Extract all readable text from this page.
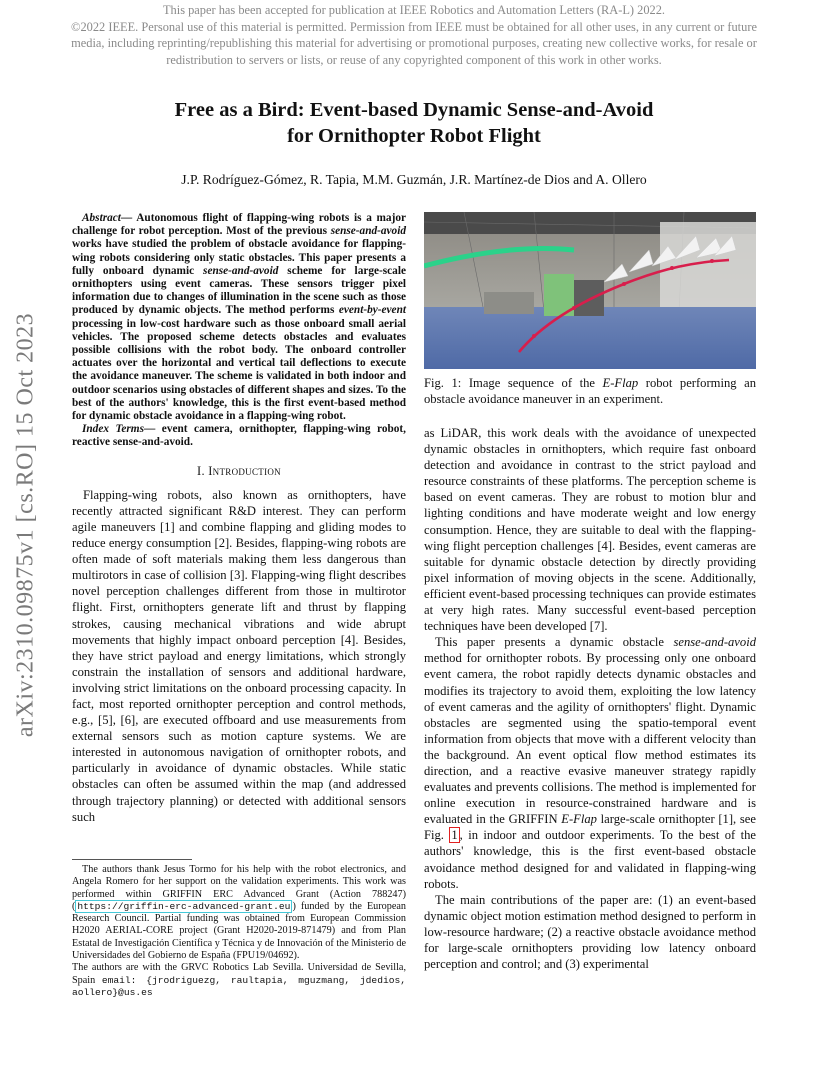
This paper has been accepted for publication at IEEE Robotics and Automation Letters (RA-L) 2022.
©2022 IEEE. Personal use of this material is permitted. Permission from IEEE must be obtained for all other uses, in any current or future
media, including reprinting/republishing this material for advertising or promotional purposes, creating new collective works, for resale or
redistribution to servers or lists, or reuse of any copyrighted component of this work in other works.
arXiv:2310.09875v1 [cs.RO] 15 Oct 2023
Free as a Bird: Event-based Dynamic Sense-and-Avoid
for Ornithopter Robot Flight
J.P. Rodríguez-Gómez, R. Tapia, M.M. Guzmán, J.R. Martínez-de Dios and A. Ollero

Abstract— Autonomous flight of flapping-wing robots is a major challenge for robot perception. Most of the previous sense-and-avoid works have studied the problem of obstacle avoidance for flapping-wing robots considering only static obstacles. This paper presents a fully onboard dynamic sense-and-avoid scheme for large-scale ornithopters using event cameras. These sensors trigger pixel information due to changes of illumination in the scene such as those produced by dynamic objects. The method performs event-by-event processing in low-cost hardware such as those onboard small aerial vehicles. The proposed scheme detects obstacles and evaluates possible collisions with the robot body. The onboard controller actuates over the horizontal and vertical tail deflections to execute the avoidance maneuver. The scheme is validated in both indoor and outdoor scenarios using obstacles of different shapes and sizes. To the best of the authors' knowledge, this is the first event-based method for dynamic obstacle avoidance in a flapping-wing robot.

Index Terms— event camera, ornithopter, flapping-wing robot, reactive sense-and-avoid.

I. Introduction

Flapping-wing robots, also known as ornithopters, have recently attracted significant R&D interest. They can perform agile maneuvers [1] and combine flapping and gliding modes to reduce energy consumption [2]. Besides, flapping-wing robots are often made of soft materials making them less dangerous than multirotors in case of collision [3]. Flapping-wing flight describes novel perception challenges different from those in multirotor flight. First, ornithopters generate lift and thrust by flapping strokes, causing mechanical vibrations and wide abrupt movements that highly impact onboard perception [4]. Besides, they have strict payload and energy limitations, which strongly constrain the installation of sensors and additional hardware, involving strict limitations on the onboard processing capacity. In fact, most reported ornithopter perception and control methods, e.g., [5], [6], are executed offboard and use measurements from external sensors such as motion capture systems. We are interested in autonomous navigation of ornithopter robots, and particularly in avoidance of dynamic obstacles. While static obstacles can often be assumed within the map (and addressed through trajectory planning) or detected with additional sensors such

The authors thank Jesus Tormo for his help with the robot electronics, and Angela Romero for her support on the validation experiments. This work was performed within GRIFFIN ERC Advanced Grant (Action 788247) ( https://griffin-erc-advanced-grant.eu ) funded by the European Research Council. Partial funding was obtained from European Commission H2020 AERIAL-CORE project (Grant H2020-2019-871479) and from Plan Estatal de Investigación Científica y Técnica y de Innovación of the Ministerio de Universidades del Gobierno de España (FPU19/04692).

The authors are with the GRVC Robotics Lab Sevilla. Universidad de Sevilla, Spain email: {jrodriguezg, raultapia, mguzmang, jdedios, aollero}@us.es

Fig. 1: Image sequence of the E-Flap robot performing an obstacle avoidance maneuver in an experiment.

as LiDAR, this work deals with the avoidance of unexpected dynamic obstacles in ornithopters, which require fast onboard detection and avoidance in contrast to the strict payload and resource constraints of these platforms. The perception scheme is based on event cameras. They are robust to motion blur and lighting conditions and have moderate weight and low energy consumption. Hence, they are suitable to deal with the flapping-wing flight perception challenges [4]. Besides, event cameras are suitable for dynamic obstacle detection by directly providing pixel information of moving objects in the scene. Additionally, efficient event-based processing techniques can provide estimates at very high rates. Many successful event-based perception techniques have been developed [7].

This paper presents a dynamic obstacle sense-and-avoid method for ornithopter robots. By processing only one onboard event camera, the robot rapidly detects dynamic obstacles and modifies its trajectory to avoid them, exploiting the low latency of event cameras and the agility of ornithopters' flight. Dynamic obstacles are segmented using the spatio-temporal event information from objects that move with a different velocity than the background. An event optical flow method estimates its direction, and a reactive evasive maneuver strategy rapidly evaluates and prevents collisions. The method is implemented for online execution in resource-constrained hardware and is evaluated in the GRIFFIN E-Flap large-scale ornithopter [1], see Fig. 1 , in indoor and outdoor experiments. To the best of the authors' knowledge, this is the first event-based obstacle avoidance method designed for and validated in flapping-wing robots.

The main contributions of the paper are: (1) an event-based dynamic object motion estimation method designed to perform in low-resource hardware; (2) a reactive obstacle avoidance method for large-scale ornithopters providing low latency onboard perception and control; and (3) experimental
